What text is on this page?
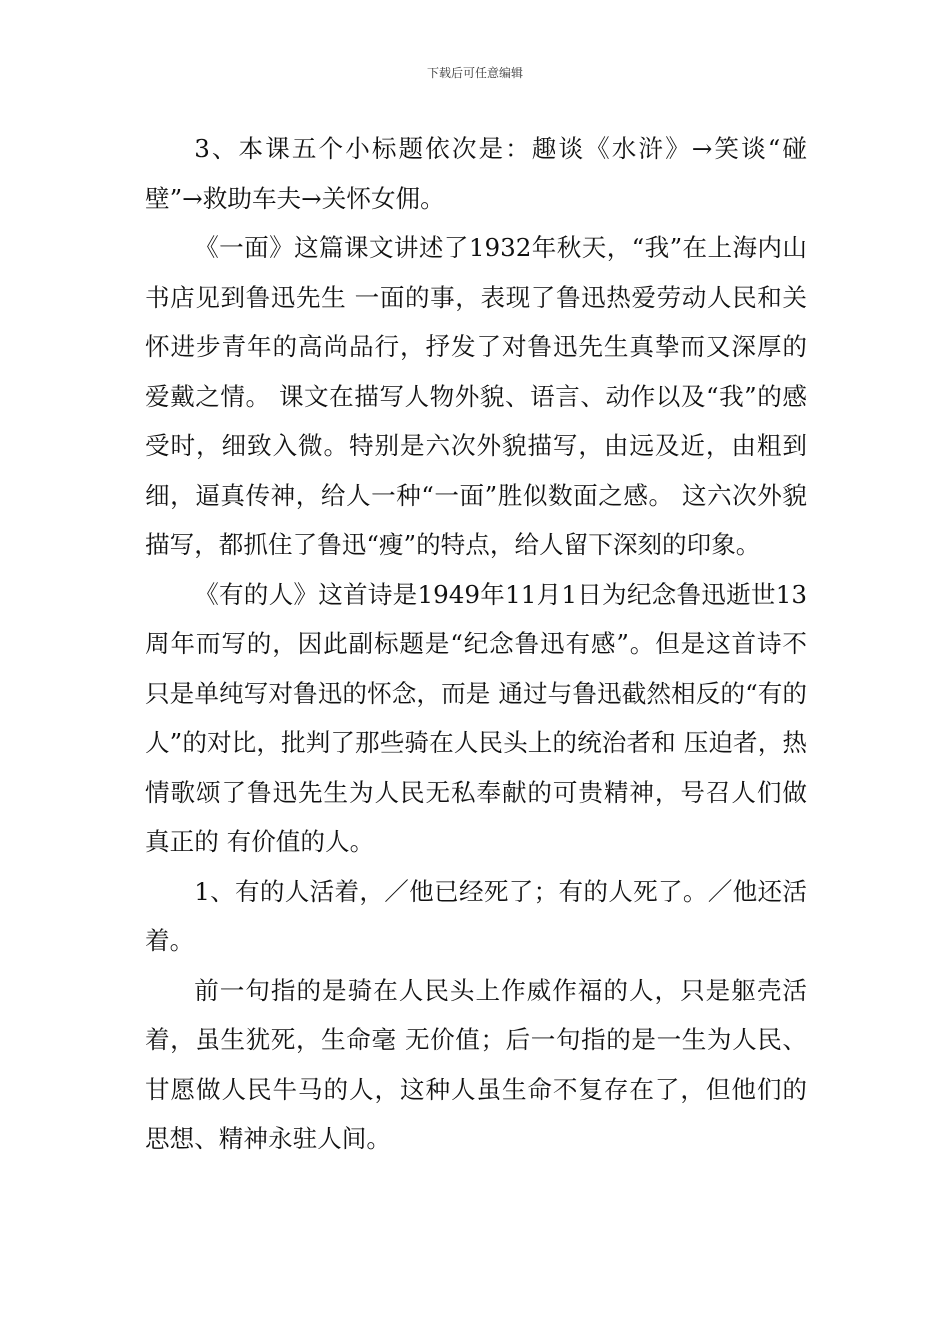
下载后可任意编辑

3、本课五个小标题依次是：趣谈《水浒》→笑谈“碰壁”→救助车夫→关怀女佣。

《一面》这篇课文讲述了1932年秋天，“我”在上海内山书店见到鲁迅先生 一面的事，表现了鲁迅热爱劳动人民和关怀进步青年的高尚品行，抒发了对鲁迅先生真挚而又深厚的爱戴之情。 课文在描写人物外貌、语言、动作以及“我”的感受时，细致入微。特别是六次外貌描写，由远及近，由粗到细，逼真传神，给人一种“一面”胜似数面之感。 这六次外貌描写，都抓住了鲁迅“瘦”的特点，给人留下深刻的印象。

《有的人》这首诗是1949年11月1日为纪念鲁迅逝世13周年而写的，因此副标题是“纪念鲁迅有感”。但是这首诗不只是单纯写对鲁迅的怀念，而是 通过与鲁迅截然相反的“有的人”的对比，批判了那些骑在人民头上的统治者和 压迫者，热情歌颂了鲁迅先生为人民无私奉献的可贵精神，号召人们做真正的 有价值的人。

1、有的人活着，／他已经死了；有的人死了。／他还活着。

前一句指的是骑在人民头上作威作福的人，只是躯壳活着，虽生犹死，生命毫 无价值；后一句指的是一生为人民、甘愿做人民牛马的人，这种人虽生命不复存在了，但他们的思想、精神永驻人间。
